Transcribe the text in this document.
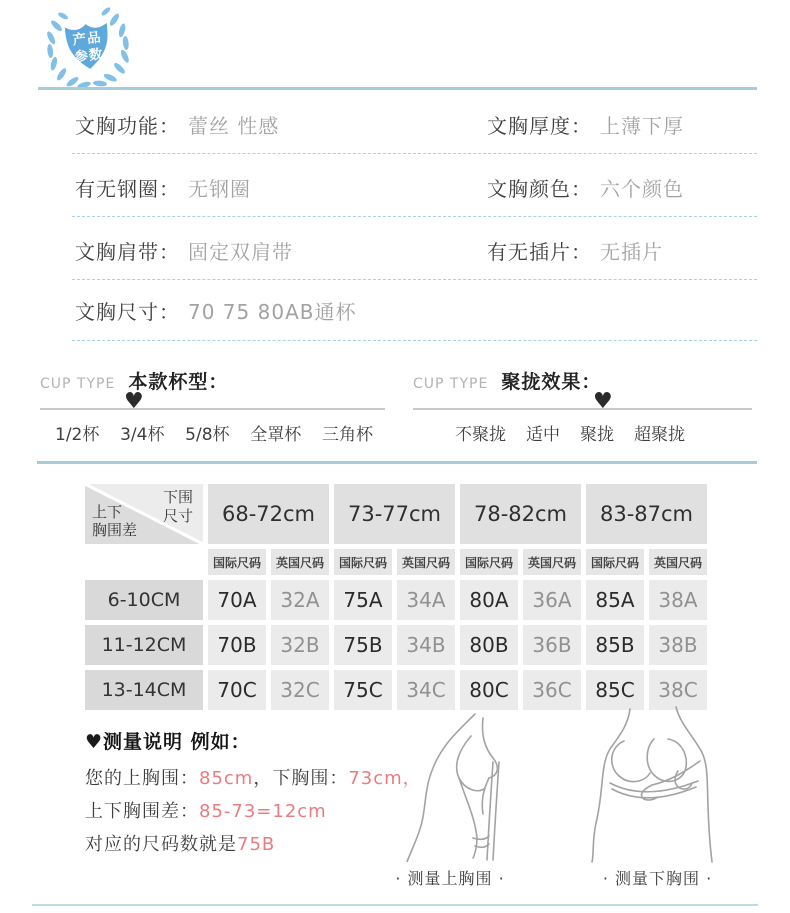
产品
参数
文胸功能： 蕾丝 性感	文胸厚度： 上薄下厚
有无钢圈： 无钢圈	文胸颜色： 六个颜色
文胸肩带： 固定双肩带	有无插片： 无插片
文胸尺寸： 70 75 80AB通杯
CUP TYPE 本款杯型：
♥
1/2杯 3/4杯 5/8杯 全罩杯 三角杯
CUP TYPE 聚拢效果：
♥
不聚拢 适中 聚拢 超聚拢
下围
尺寸
上下
胸围差
68-72cm	73-77cm	78-82cm	83-87cm
国际尺码	英国尺码	国际尺码	英国尺码	国际尺码	英国尺码	国际尺码	英国尺码
6-10CM	70A	32A	75A	34A	80A	36A	85A	38A
11-12CM	70B	32B	75B	34B	80B	36B	85B	38B
13-14CM	70C	32C	75C	34C	80C	36C	85C	38C
♥测量说明 例如：
您的上胸围：85cm，下胸围：73cm，
上下胸围差：85-73=12cm
对应的尺码数就是75B
· 测量上胸围 ·	· 测量下胸围 ·
